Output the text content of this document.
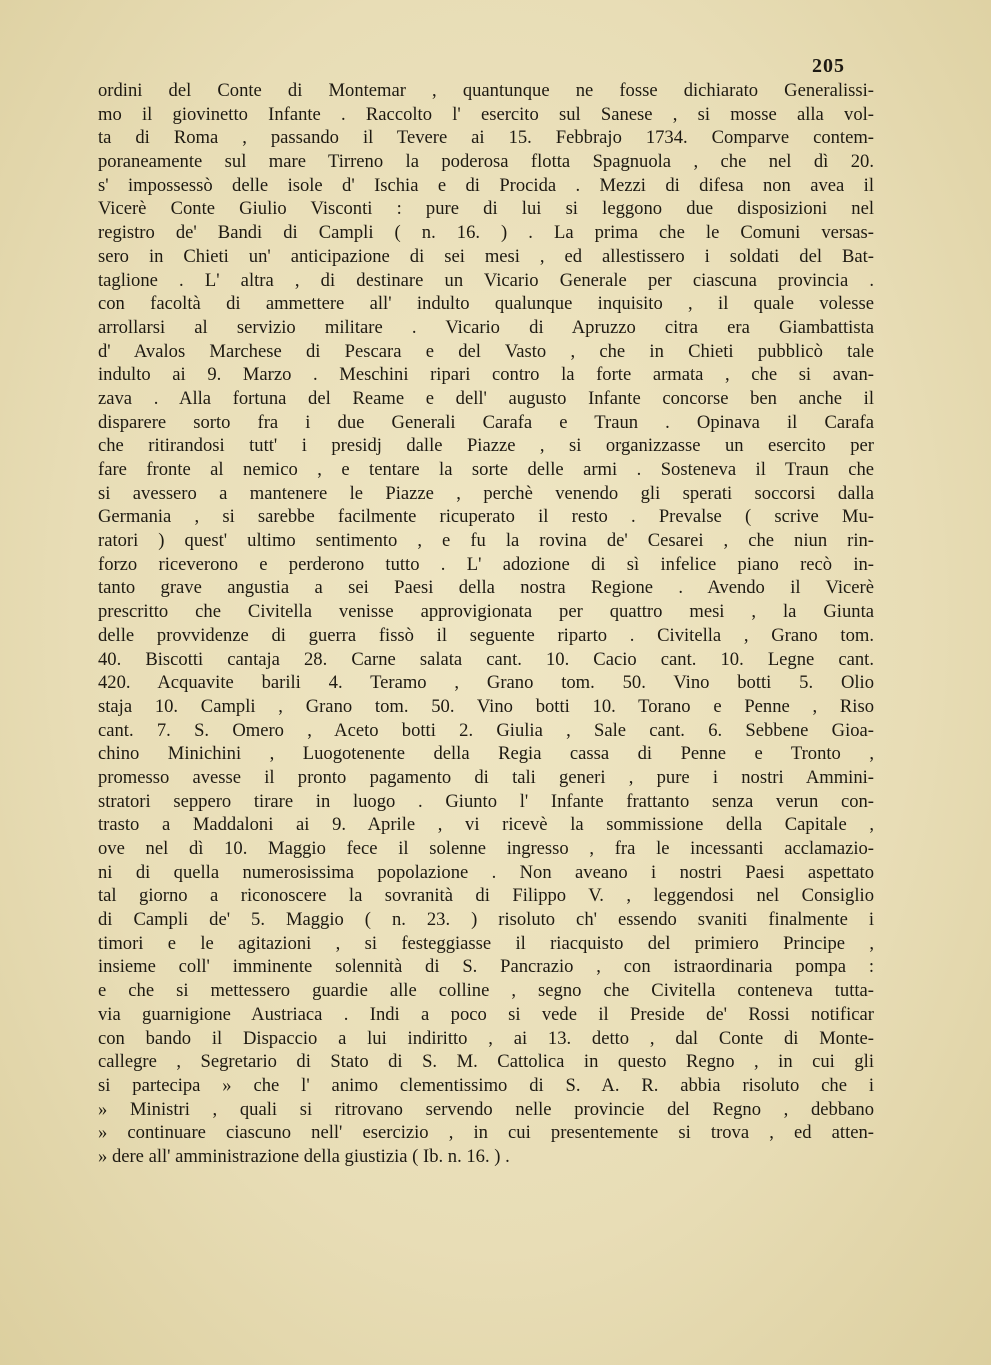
205
ordini del Conte di Montemar , quantunque ne fosse dichiarato Generalissi-
mo il giovinetto Infante . Raccolto l' esercito sul Sanese , si mosse alla vol-
ta di Roma , passando il Tevere ai 15. Febbrajo 1734. Comparve contem-
poraneamente sul mare Tirreno la poderosa flotta Spagnuola , che nel dì 20.
s' impossessò delle isole d' Ischia e di Procida . Mezzi di difesa non avea il
Vicerè Conte Giulio Visconti : pure di lui si leggono due disposizioni nel
registro de' Bandi di Campli ( n. 16. ) . La prima che le Comuni versas-
sero in Chieti un' anticipazione di sei mesi , ed allestissero i soldati del Bat-
taglione . L' altra , di destinare un Vicario Generale per ciascuna provincia .
con facoltà di ammettere all' indulto qualunque inquisito , il quale volesse
arrollarsi al servizio militare . Vicario di Apruzzo citra era Giambattista
d' Avalos Marchese di Pescara e del Vasto , che in Chieti pubblicò tale
indulto ai 9. Marzo . Meschini ripari contro la forte armata , che si avan-
zava . Alla fortuna del Reame e dell' augusto Infante concorse ben anche il
disparere sorto fra i due Generali Carafa e Traun . Opinava il Carafa
che ritirandosi tutt' i presidj dalle Piazze , si organizzasse un esercito per
fare fronte al nemico , e tentare la sorte delle armi . Sosteneva il Traun che
si avessero a mantenere le Piazze , perchè venendo gli sperati soccorsi dalla
Germania , si sarebbe facilmente ricuperato il resto . Prevalse ( scrive Mu-
ratori ) quest' ultimo sentimento , e fu la rovina de' Cesarei , che niun rin-
forzo riceverono e perderono tutto . L' adozione di sì infelice piano recò in-
tanto grave angustia a sei Paesi della nostra Regione . Avendo il Vicerè
prescritto che Civitella venisse approvigionata per quattro mesi , la Giunta
delle provvidenze di guerra fissò il seguente riparto . Civitella , Grano tom.
40. Biscotti cantaja 28. Carne salata cant. 10. Cacio cant. 10. Legne cant.
420. Acquavite barili 4. Teramo , Grano tom. 50. Vino botti 5. Olio
staja 10. Campli , Grano tom. 50. Vino botti 10. Torano e Penne , Riso
cant. 7. S. Omero , Aceto botti 2. Giulia , Sale cant. 6. Sebbene Gioa-
chino Minichini , Luogotenente della Regia cassa di Penne e Tronto ,
promesso avesse il pronto pagamento di tali generi , pure i nostri Ammini-
stratori seppero tirare in luogo . Giunto l' Infante frattanto senza verun con-
trasto a Maddaloni ai 9. Aprile , vi ricevè la sommissione della Capitale ,
ove nel dì 10. Maggio fece il solenne ingresso , fra le incessanti acclamazio-
ni di quella numerosissima popolazione . Non aveano i nostri Paesi aspettato
tal giorno a riconoscere la sovranità di Filippo V. , leggendosi nel Consiglio
di Campli de' 5. Maggio ( n. 23. ) risoluto ch' essendo svaniti finalmente i
timori e le agitazioni , si festeggiasse il riacquisto del primiero Principe ,
insieme coll' imminente solennità di S. Pancrazio , con istraordinaria pompa :
e che si mettessero guardie alle colline , segno che Civitella conteneva tutta-
via guarnigione Austriaca . Indi a poco si vede il Preside de' Rossi notificar
con bando il Dispaccio a lui indiritto , ai 13. detto , dal Conte di Monte-
callegre , Segretario di Stato di S. M. Cattolica in questo Regno , in cui gli
si partecipa » che l' animo clementissimo di S. A. R. abbia risoluto che i
» Ministri , quali si ritrovano servendo nelle provincie del Regno , debbano
» continuare ciascuno nell' esercizio , in cui presentemente si trova , ed atten-
» dere all' amministrazione della giustizia ( Ib. n. 16. ) .
